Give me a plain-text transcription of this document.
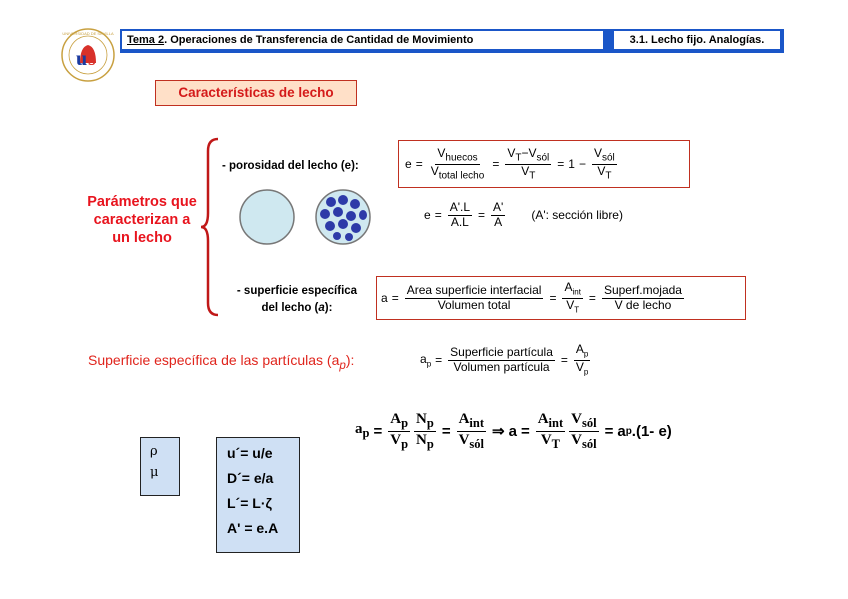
Tema 2. Operaciones de Transferencia de Cantidad de Movimiento	3.1. Lecho fijo. Analogías.
u s
UNIVERSIDAD DE SEVILLA
Características de lecho
Parámetros que
caracterizan a
un lecho
- porosidad del lecho (e):	$e = \frac{V_{huecos}}{V_{total lecho}} = \frac{V_T-V_{sól}}{V_T} = 1 - \frac{V_{sól}}{V_T}$
$e = \frac{A'.L}{A.L} = \frac{A'}{A} (A'$: sección libre)
- superficie específica
del lecho (a):
$a = \frac{\text{Area superficie interfacial}}{\text{Volumen total}} = \frac{A_{int}}{V_T} = \frac{\text{Superf.mojada}}{\text{V de lecho}}$
Superficie específica de las partículas $(a_p)$:	$a_p = \frac{\text{Superficie partícula}}{\text{Volumen partícula}} = \frac{A_p}{V_p}$
$a_p = \frac{A_p}{V_p} \frac{N_p}{N_p} = \frac{A_{int}}{V_{sól}}$ ⇒ $a = \frac{A_{int}}{V_T} \frac{V_{sól}}{V_{sól}} = a$ p .(1- e)
ρ
μ
u´= u/e
D´= e/a
L´= L·ζ
A' = e.A
